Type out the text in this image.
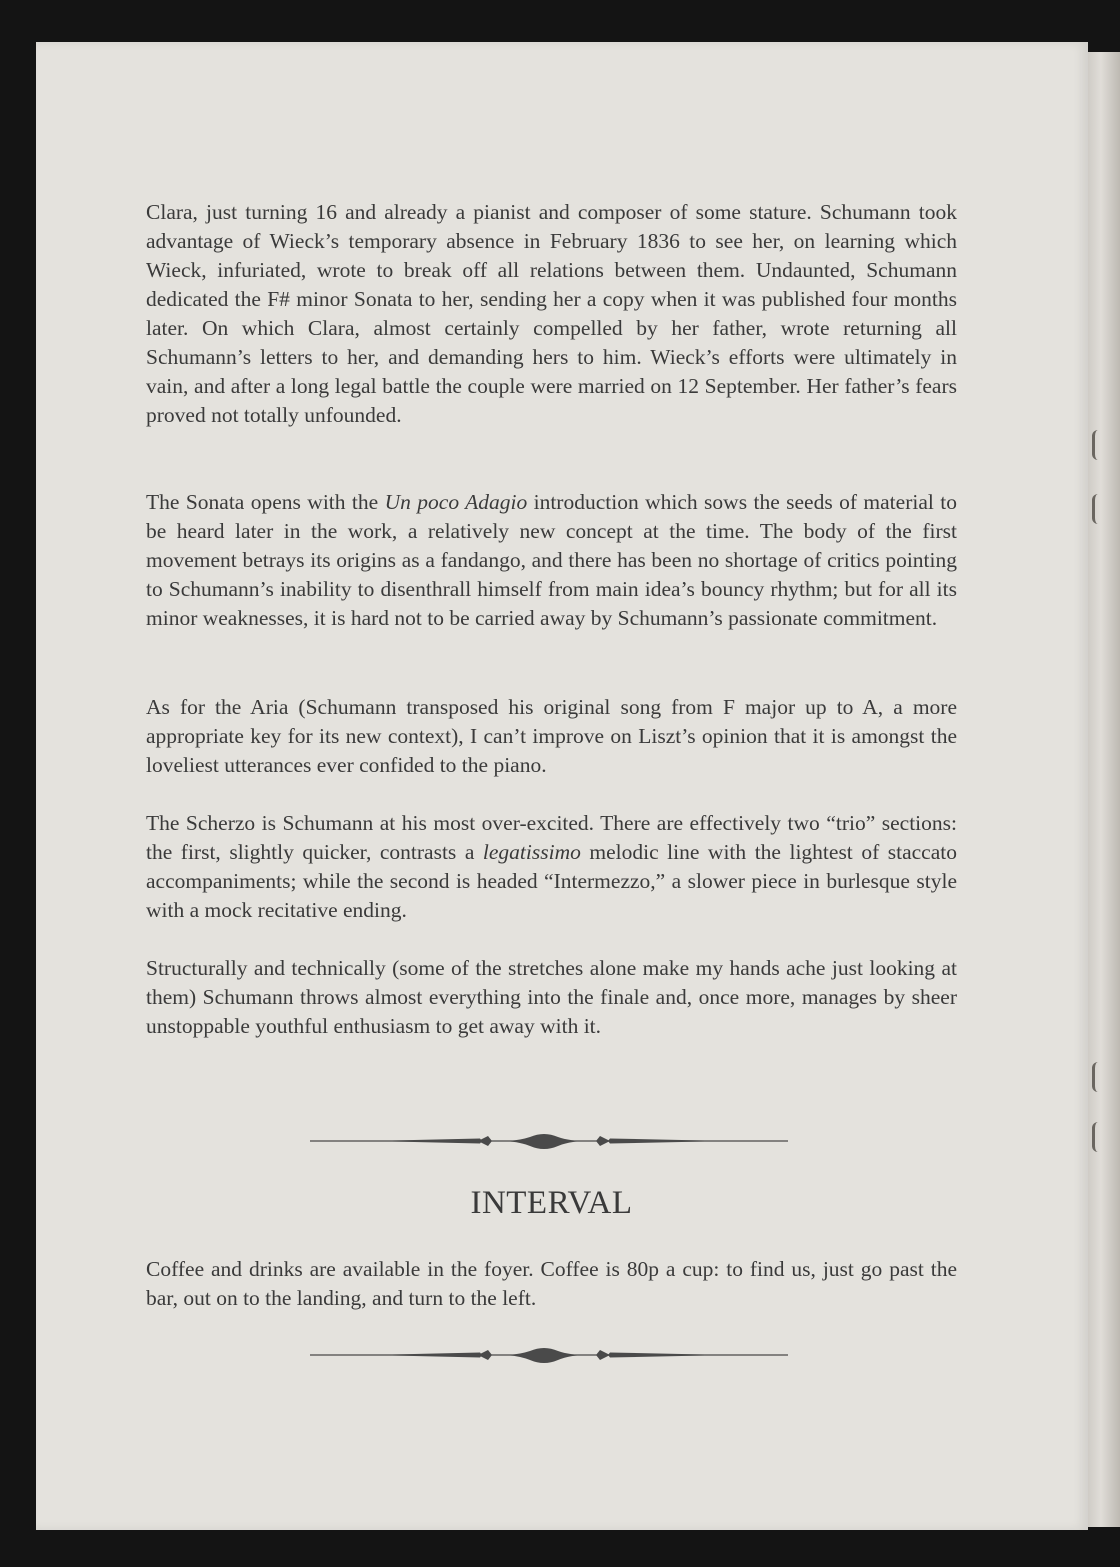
Clara, just turning 16 and already a pianist and composer of some stature. Schumann took advantage of Wieck’s temporary absence in February 1836 to see her, on learning which Wieck, infuriated, wrote to break off all relations between them. Undaunted, Schumann dedicated the F# minor Sonata to her, sending her a copy when it was published four months later. On which Clara, almost certainly compelled by her father, wrote returning all Schumann’s letters to her, and demanding hers to him. Wieck’s efforts were ultimately in vain, and after a long legal battle the couple were married on 12 September. Her father’s fears proved not totally unfounded.

The Sonata opens with the Un poco Adagio introduction which sows the seeds of material to be heard later in the work, a relatively new concept at the time. The body of the first movement betrays its origins as a fandango, and there has been no shortage of critics pointing to Schumann’s inability to disenthrall himself from main idea’s bouncy rhythm; but for all its minor weaknesses, it is hard not to be carried away by Schumann’s passionate commitment.

As for the Aria (Schumann transposed his original song from F major up to A, a more appropriate key for its new context), I can’t improve on Liszt’s opinion that it is amongst the loveliest utterances ever confided to the piano.

The Scherzo is Schumann at his most over-excited. There are effectively two “trio” sections: the first, slightly quicker, contrasts a legatissimo melodic line with the lightest of staccato accompaniments; while the second is headed “Intermezzo,” a slower piece in burlesque style with a mock recitative ending.

Structurally and technically (some of the stretches alone make my hands ache just looking at them) Schumann throws almost everything into the finale and, once more, manages by sheer unstoppable youthful enthusiasm to get away with it.

INTERVAL

Coffee and drinks are available in the foyer. Coffee is 80p a cup: to find us, just go past the bar, out on to the landing, and turn to the left.
